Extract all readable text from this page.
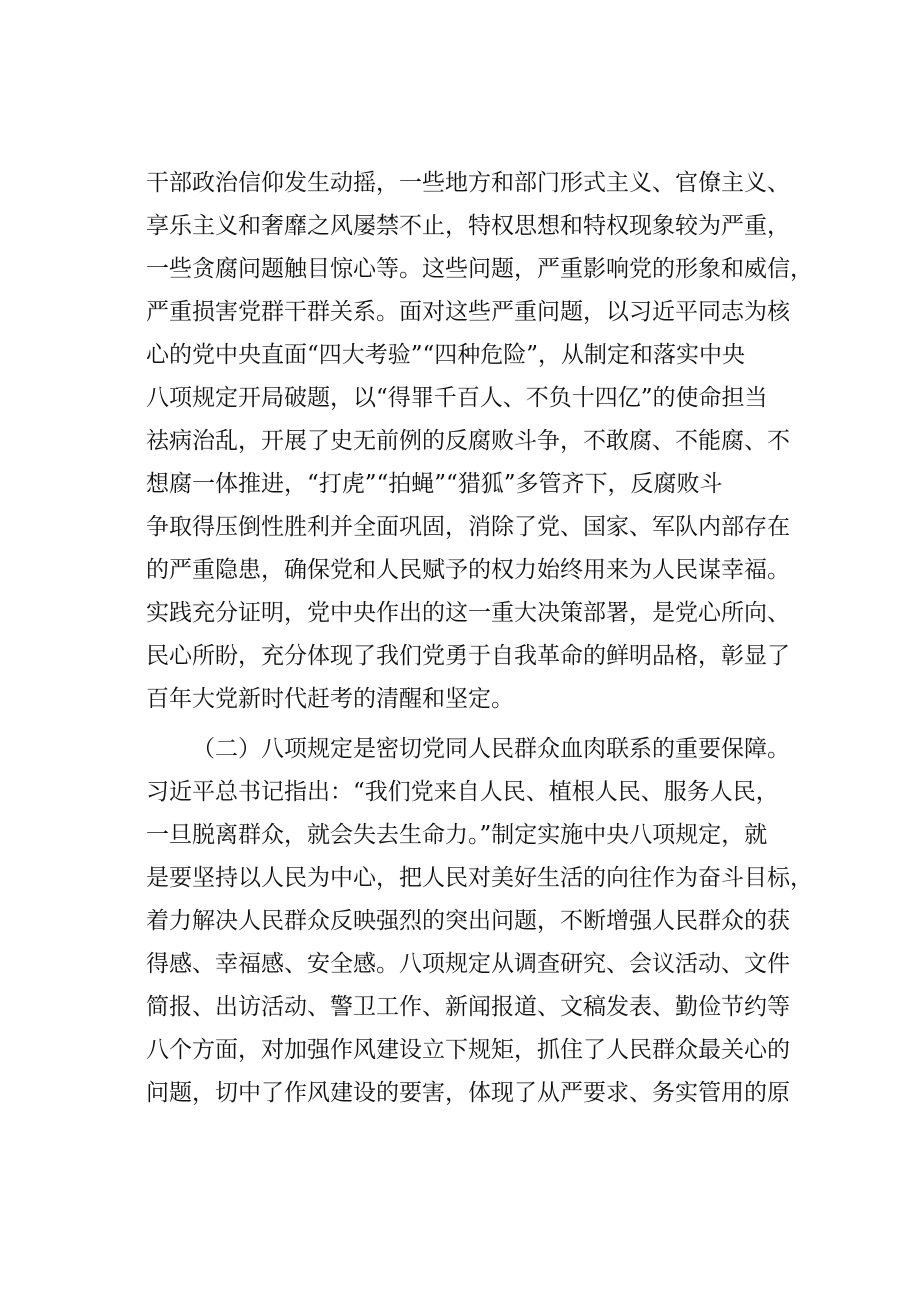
干部政治信仰发生动摇，一些地方和部门形式主义、官僚主义、
享乐主义和奢靡之风屡禁不止，特权思想和特权现象较为严重，
一些贪腐问题触目惊心等。这些问题，严重影响党的形象和威信，
严重损害党群干群关系。面对这些严重问题，以习近平同志为核
心的党中央直面“四大考验”“四种危险”，从制定和落实中央
八项规定开局破题，以“得罪千百人、不负十四亿”的使命担当
祛病治乱，开展了史无前例的反腐败斗争，不敢腐、不能腐、不
想腐一体推进，“打虎”“拍蝇”“猎狐”多管齐下，反腐败斗
争取得压倒性胜利并全面巩固，消除了党、国家、军队内部存在
的严重隐患，确保党和人民赋予的权力始终用来为人民谋幸福。
实践充分证明，党中央作出的这一重大决策部署，是党心所向、
民心所盼，充分体现了我们党勇于自我革命的鲜明品格，彰显了
百年大党新时代赶考的清醒和坚定。
（二）八项规定是密切党同人民群众血肉联系的重要保障。
习近平总书记指出：“我们党来自人民、植根人民、服务人民，
一旦脱离群众，就会失去生命力。”制定实施中央八项规定，就
是要坚持以人民为中心，把人民对美好生活的向往作为奋斗目标，
着力解决人民群众反映强烈的突出问题，不断增强人民群众的获
得感、幸福感、安全感。八项规定从调查研究、会议活动、文件
简报、出访活动、警卫工作、新闻报道、文稿发表、勤俭节约等
八个方面，对加强作风建设立下规矩，抓住了人民群众最关心的
问题，切中了作风建设的要害，体现了从严要求、务实管用的原
